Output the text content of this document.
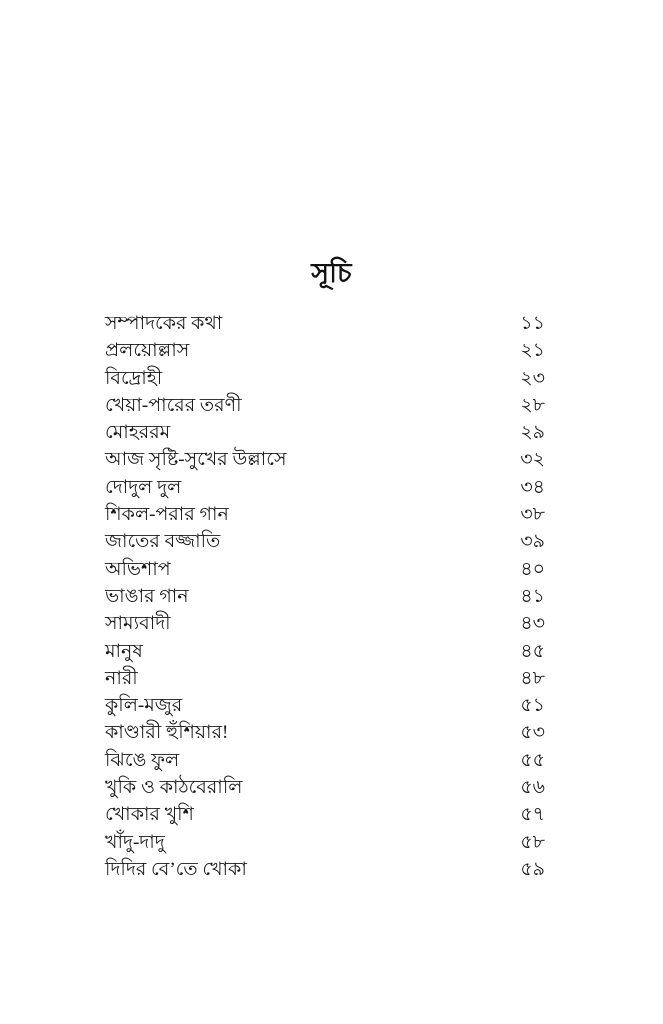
সূচি
সম্পাদকের কথা	১১
প্রলয়োল্লাস	২১
বিদ্রোহী	২৩
খেয়া-পারের তরণী	২৮
মোহররম	২৯
আজ সৃষ্টি-সুখের উল্লাসে	৩২
দোদুল দুল	৩৪
শিকল-পরার গান	৩৮
জাতের বজ্জাতি	৩৯
অভিশাপ	৪০
ভাঙার গান	৪১
সাম্যবাদী	৪৩
মানুষ	৪৫
নারী	৪৮
কুলি-মজুর	৫১
কাণ্ডারী হুঁশিয়ার!	৫৩
ঝিঙে ফুল	৫৫
খুকি ও কাঠবেরালি	৫৬
খোকার খুশি	৫৭
খাঁদু-দাদু	৫৮
দিদির বে’তে খোকা	৫৯
